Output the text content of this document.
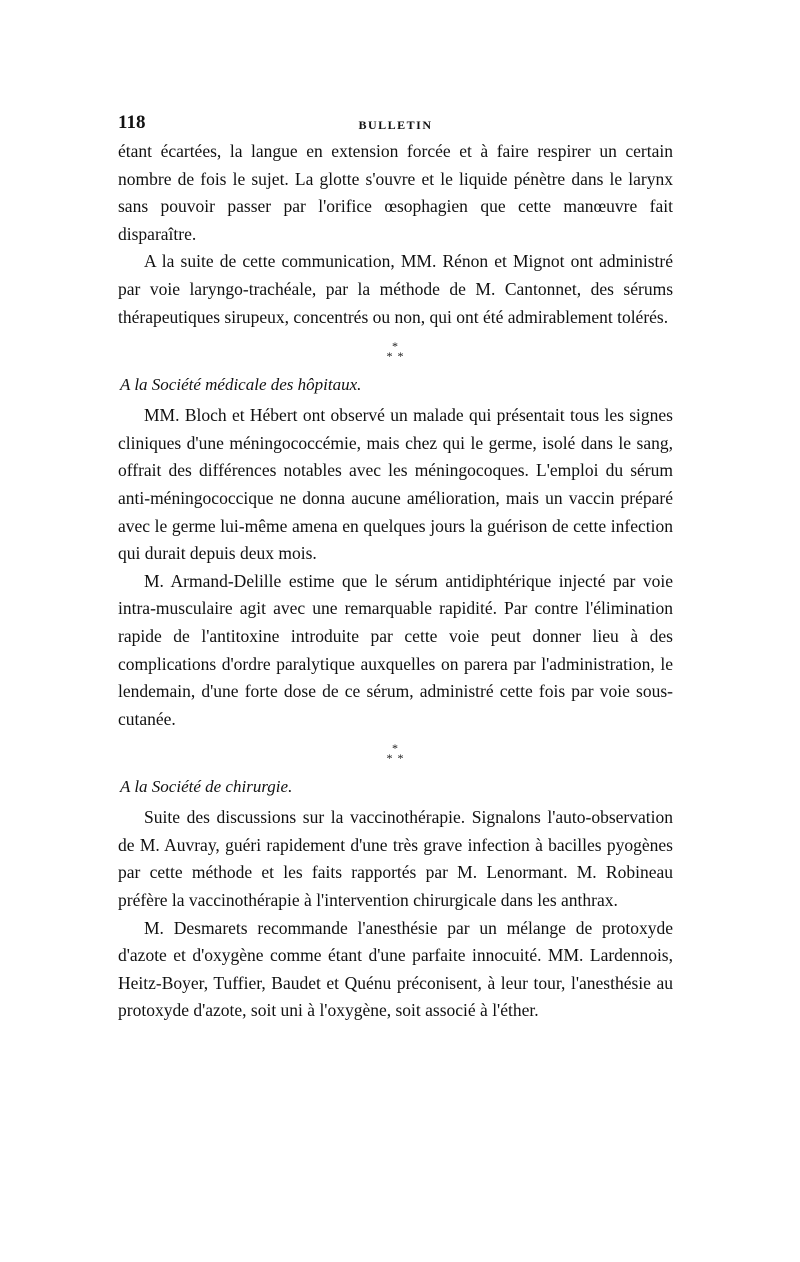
118	BULLETIN

étant écartées, la langue en extension forcée et à faire respirer un certain nombre de fois le sujet. La glotte s'ouvre et le liquide pénètre dans le larynx sans pouvoir passer par l'orifice œsophagien que cette manœuvre fait disparaître.

A la suite de cette communication, MM. Rénon et Mignot ont administré par voie laryngo-trachéale, par la méthode de M. Cantonnet, des sérums thérapeutiques sirupeux, concentrés ou non, qui ont été admirablement tolérés.

*
* *
A la Société médicale des hôpitaux.

MM. Bloch et Hébert ont observé un malade qui présentait tous les signes cliniques d'une méningococcémie, mais chez qui le germe, isolé dans le sang, offrait des différences notables avec les méningocoques. L'emploi du sérum anti-méningococcique ne donna aucune amélioration, mais un vaccin préparé avec le germe lui-même amena en quelques jours la guérison de cette infection qui durait depuis deux mois.

M. Armand-Delille estime que le sérum antidiphtérique injecté par voie intra-musculaire agit avec une remarquable rapidité. Par contre l'élimination rapide de l'antitoxine introduite par cette voie peut donner lieu à des complications d'ordre paralytique auxquelles on parera par l'administration, le lendemain, d'une forte dose de ce sérum, administré cette fois par voie sous-cutanée.

*
* *
A la Société de chirurgie.

Suite des discussions sur la vaccinothérapie. Signalons l'auto-observation de M. Auvray, guéri rapidement d'une très grave infection à bacilles pyogènes par cette méthode et les faits rapportés par M. Lenormant. M. Robineau préfère la vaccinothérapie à l'intervention chirurgicale dans les anthrax.

M. Desmarets recommande l'anesthésie par un mélange de protoxyde d'azote et d'oxygène comme étant d'une parfaite innocuité. MM. Lardennois, Heitz-Boyer, Tuffier, Baudet et Quénu préconisent, à leur tour, l'anesthésie au protoxyde d'azote, soit uni à l'oxygène, soit associé à l'éther.
